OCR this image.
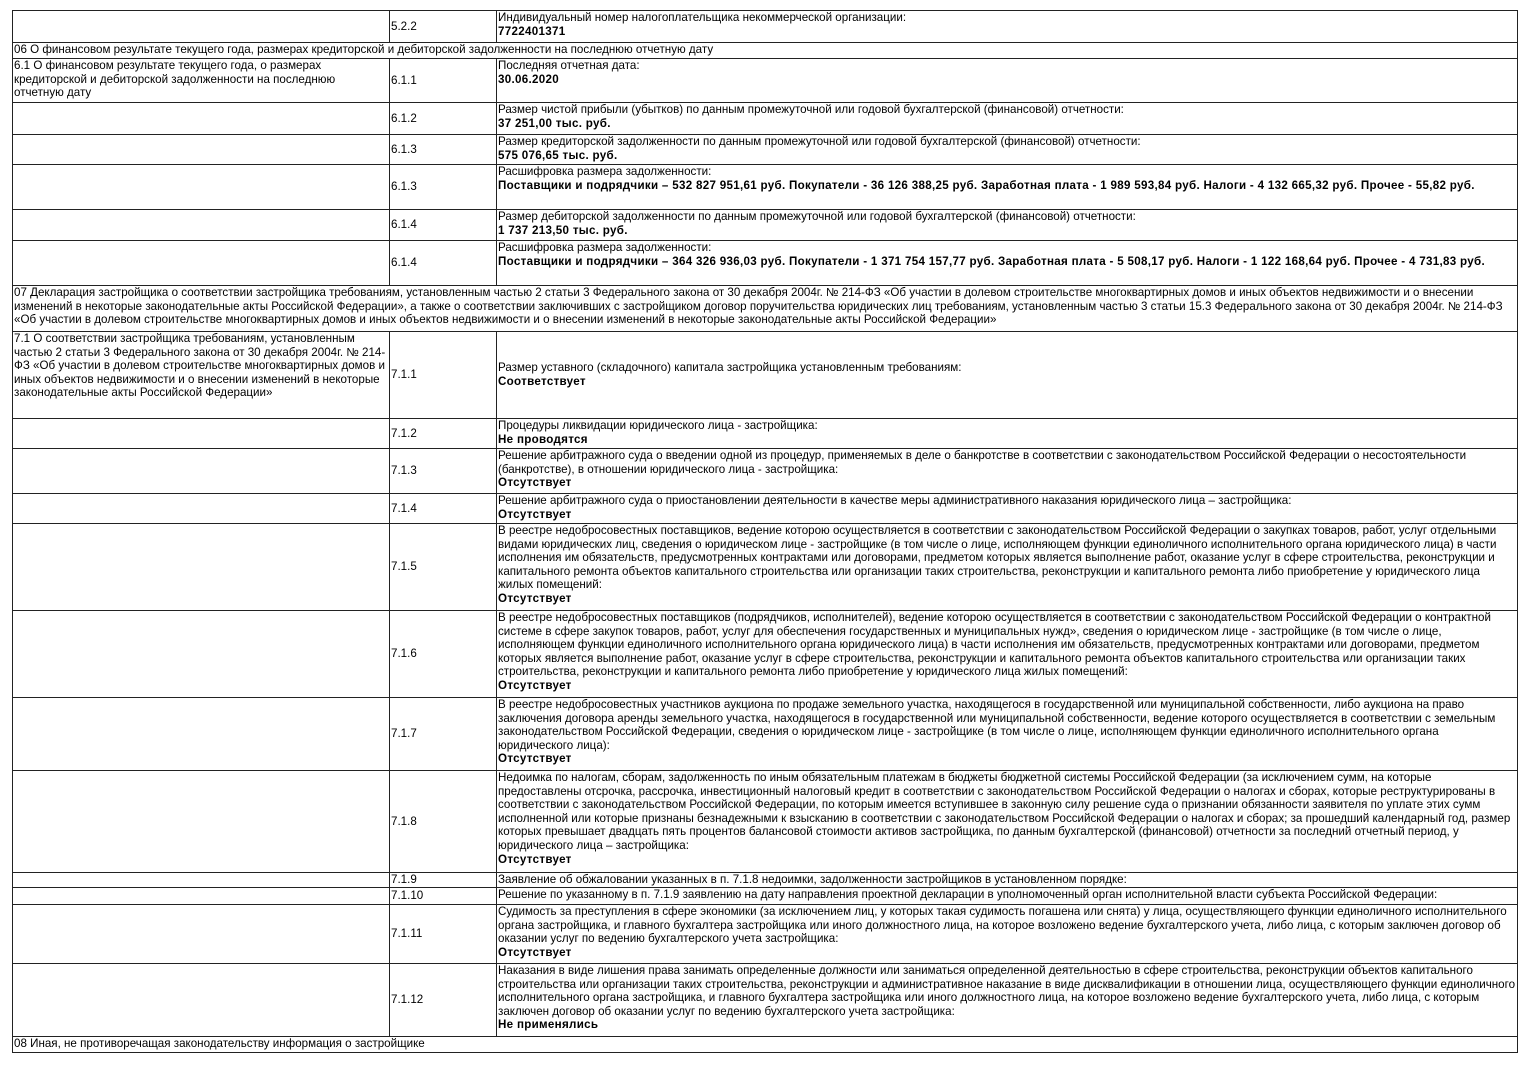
	5.2.2	Индивидуальный номер налогоплательщика некоммерческой организации:
7722401371

06 О финансовом результате текущего года, размерах кредиторской и дебиторской задолженности на последнюю отчетную дату		
6.1 О финансовом результате текущего года, о размерах кредиторской и дебиторской задолженности на последнюю отчетную дату	6.1.1	Последняя отчетная дата:
30.06.2020

	6.1.2	Размер чистой прибыли (убытков) по данным промежуточной или годовой бухгалтерской (финансовой) отчетности:
37 251,00 тыс. руб.

	6.1.3	Размер кредиторской задолженности по данным промежуточной или годовой бухгалтерской (финансовой) отчетности:
575 076,65 тыс. руб.

	6.1.3	Расшифровка размера задолженности:
Поставщики и подрядчики – 532 827 951,61 руб. Покупатели - 36 126 388,25 руб. Заработная плата - 1 989 593,84 руб. Налоги - 4 132 665,32 руб. Прочее - 55,82 руб.

	6.1.4	Размер дебиторской задолженности по данным промежуточной или годовой бухгалтерской (финансовой) отчетности:
1 737 213,50 тыс. руб.

	6.1.4	Расшифровка размера задолженности:
Поставщики и подрядчики – 364 326 936,03 руб. Покупатели - 1 371 754 157,77 руб. Заработная плата - 5 508,17 руб. Налоги - 1 122 168,64 руб. Прочее - 4 731,83 руб.

07 Декларация застройщика о соответствии застройщика требованиям, установленным частью 2 статьи 3 Федерального закона от 30 декабря 2004г. № 214-ФЗ «Об участии в долевом строительстве многоквартирных домов и иных объектов недвижимости и о внесении изменений в некоторые законодательные акты Российской Федерации», а также о соответствии заключивших с застройщиком договор поручительства юридических лиц требованиям, установленным частью 3 статьи 15.3 Федерального закона от 30 декабря 2004г. № 214-ФЗ «Об участии в долевом строительстве многоквартирных домов и иных объектов недвижимости и о внесении изменений в некоторые законодательные акты Российской Федерации»		
7.1 О соответствии застройщика требованиям, установленным частью 2 статьи 3 Федерального закона от 30 декабря 2004г. № 214-ФЗ «Об участии в долевом строительстве многоквартирных домов и иных объектов недвижимости и о внесении изменений в некоторые законодательные акты Российской Федерации»	7.1.1	Размер уставного (складочного) капитала застройщика установленным требованиям:
Соответствует

	7.1.2	Процедуры ликвидации юридического лица - застройщика:
Не проводятся

	7.1.3	Решение арбитражного суда о введении одной из процедур, применяемых в деле о банкротстве в соответствии с законодательством Российской Федерации о несостоятельности (банкротстве), в отношении юридического лица - застройщика:
Отсутствует

	7.1.4	Решение арбитражного суда о приостановлении деятельности в качестве меры административного наказания юридического лица – застройщика:
Отсутствует

	7.1.5	В реестре недобросовестных поставщиков, ведение которою осуществляется в соответствии с законодательством Российской Федерации о закупках товаров, работ, услуг отдельными видами юридических лиц, сведения о юридическом лице - застройщике (в том числе о лице, исполняющем функции единоличного исполнительного органа юридического лица) в части исполнения им обязательств, предусмотренных контрактами или договорами, предметом которых является выполнение работ, оказание услуг в сфере строительства, реконструкции и капитального ремонта объектов капитального строительства или организации таких строительства, реконструкции и капитального ремонта либо приобретение у юридического лица жилых помещений:
Отсутствует

	7.1.6	В реестре недобросовестных поставщиков (подрядчиков, исполнителей), ведение которою осуществляется в соответствии с законодательством Российской Федерации о контрактной системе в сфере закупок товаров, работ, услуг для обеспечения государственных и муниципальных нужд», сведения о юридическом лице - застройщике (в том числе о лице, исполняющем функции единоличного исполнительного органа юридического лица) в части исполнения им обязательств, предусмотренных контрактами или договорами, предметом которых является выполнение работ, оказание услуг в сфере строительства, реконструкции и капитального ремонта объектов капитального строительства или организации таких строительства, реконструкции и капитального ремонта либо приобретение у юридического лица жилых помещений:
Отсутствует

	7.1.7	В реестре недобросовестных участников аукциона по продаже земельного участка, находящегося в государственной или муниципальной собственности, либо аукциона на право заключения договора аренды земельного участка, находящегося в государственной или муниципальной собственности, ведение которого осуществляется в соответствии с земельным законодательством Российской Федерации, сведения о юридическом лице - застройщике (в том числе о лице, исполняющем функции единоличного исполнительного органа юридического лица):
Отсутствует

	7.1.8	Недоимка по налогам, сборам, задолженность по иным обязательным платежам в бюджеты бюджетной системы Российской Федерации (за исключением сумм, на которые предоставлены отсрочка, рассрочка, инвестиционный налоговый кредит в соответствии с законодательством Российской Федерации о налогах и сборах, которые реструктурированы в соответствии с законодательством Российской Федерации, по которым имеется вступившее в законную силу решение суда о признании обязанности заявителя по уплате этих сумм исполненной или которые признаны безнадежными к взысканию в соответствии с законодательством Российской Федерации о налогах и сборах; за прошедший календарный год, размер которых превышает двадцать пять процентов балансовой стоимости активов застройщика, по данным бухгалтерской (финансовой) отчетности за последний отчетный период, у юридического лица – застройщика:
Отсутствует

	7.1.9	Заявление об обжаловании указанных в п. 7.1.8 недоимки, задолженности застройщиков в установленном порядке:

	7.1.10	Решение по указанному в п. 7.1.9 заявлению на дату направления проектной декларации в уполномоченный орган исполнительной власти субъекта Российской Федерации:

	7.1.11	Судимость за преступления в сфере экономики (за исключением лиц, у которых такая судимость погашена или снята) у лица, осуществляющего функции единоличного исполнительного органа застройщика, и главного бухгалтера застройщика или иного должностного лица, на которое возложено ведение бухгалтерского учета, либо лица, с которым заключен договор об оказании услуг по ведению бухгалтерского учета застройщика:
Отсутствует

	7.1.12	Наказания в виде лишения права занимать определенные должности или заниматься определенной деятельностью в сфере строительства, реконструкции объектов капитального строительства или организации таких строительства, реконструкции и административное наказание в виде дисквалификации в отношении лица, осуществляющего функции единоличного исполнительного органа застройщика, и главного бухгалтера застройщика или иного должностного лица, на которое возложено ведение бухгалтерского учета, либо лица, с которым заключен договор об оказании услуг по ведению бухгалтерского учета застройщика:
Не применялись

08 Иная, не противоречащая законодательству информация о застройщике		
